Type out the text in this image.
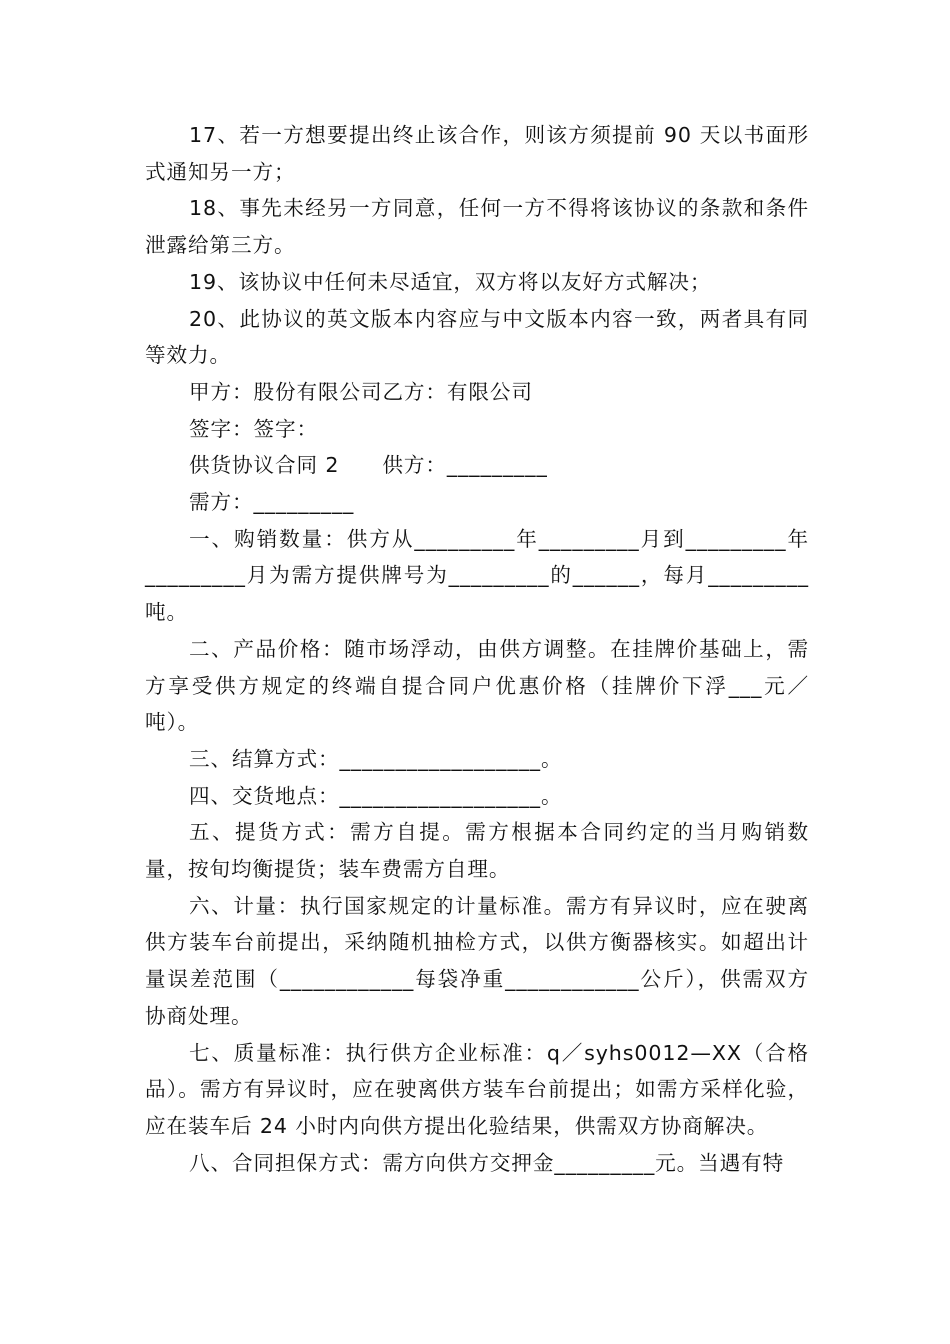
17、若一方想要提出终止该合作，则该方须提前 90 天以书面形式通知另一方；

18、事先未经另一方同意，任何一方不得将该协议的条款和条件泄露给第三方。

19、该协议中任何未尽适宜，双方将以友好方式解决；

20、此协议的英文版本内容应与中文版本内容一致，两者具有同等效力。

甲方：股份有限公司乙方：有限公司

签字：签字：

供货协议合同 2　　供方：_________

需方：_________

一、购销数量：供方从_________年_________月到_________年_________月为需方提供牌号为_________的______，每月_________吨。

二、产品价格：随市场浮动，由供方调整。在挂牌价基础上，需方享受供方规定的终端自提合同户优惠价格（挂牌价下浮___元／吨）。

三、结算方式：__________________。

四、交货地点：__________________。

五、提货方式：需方自提。需方根据本合同约定的当月购销数量，按旬均衡提货；装车费需方自理。

六、计量：执行国家规定的计量标准。需方有异议时，应在驶离供方装车台前提出，采纳随机抽检方式，以供方衡器核实。如超出计量误差范围（____________每袋净重____________公斤），供需双方协商处理。

七、质量标准：执行供方企业标准：q／syhs0012—XX（合格品）。需方有异议时，应在驶离供方装车台前提出；如需方采样化验，应在装车后 24 小时内向供方提出化验结果，供需双方协商解决。

八、合同担保方式：需方向供方交押金_________元。当遇有特
